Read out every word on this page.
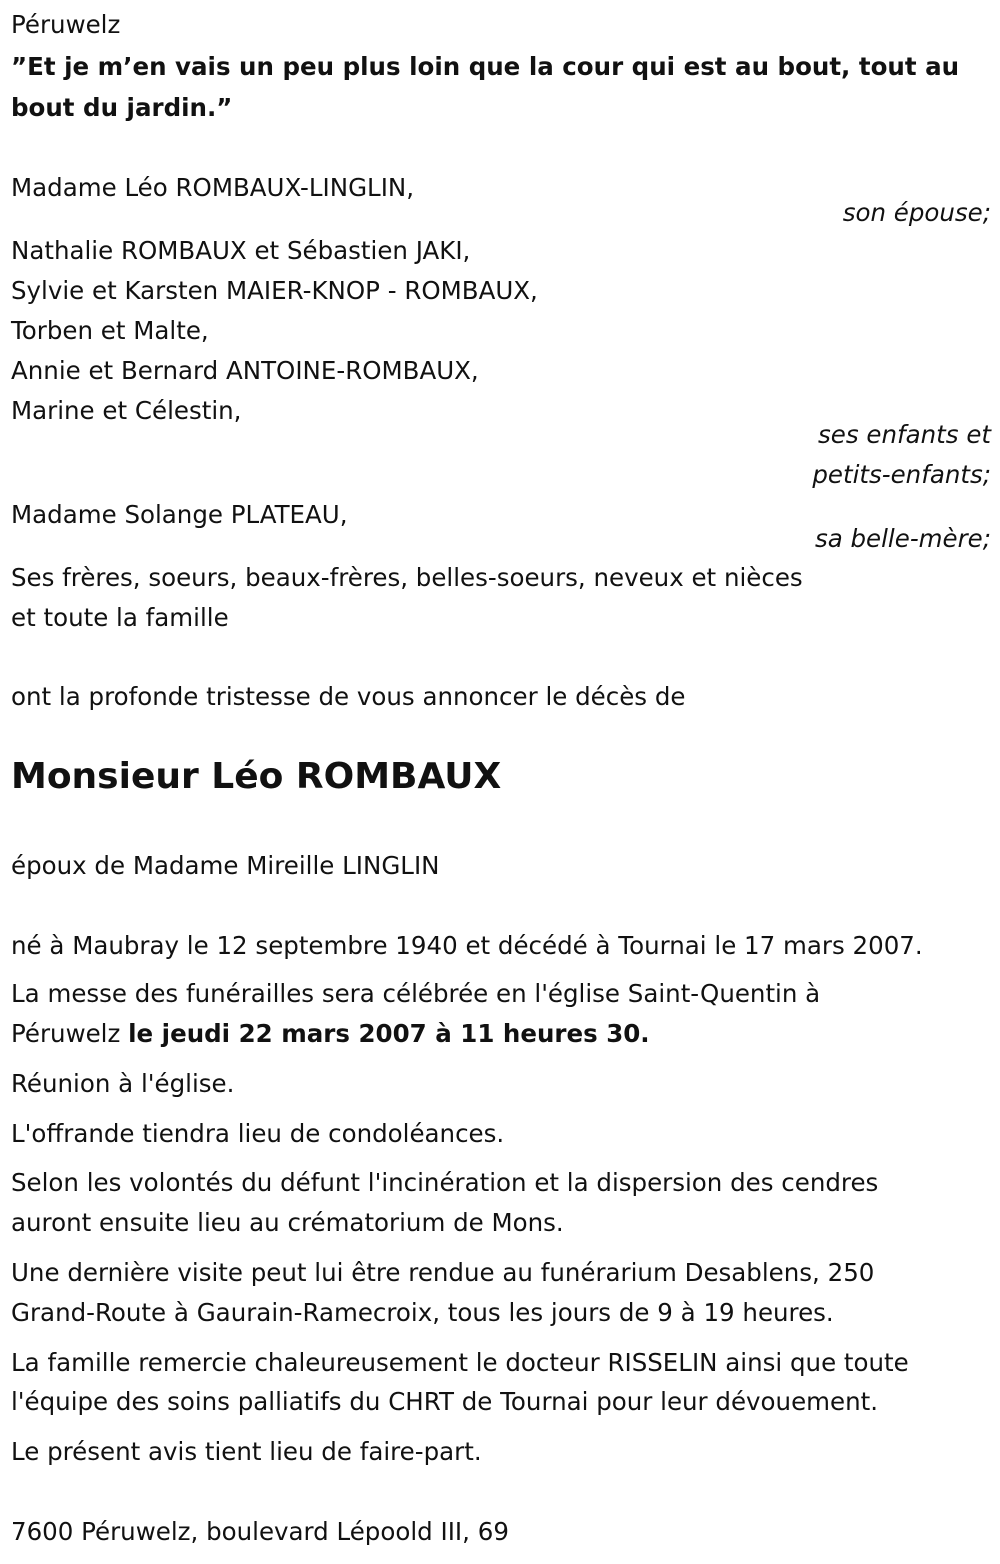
Péruwelz

”Et je m’en vais un peu plus loin que la cour qui est au bout, tout au bout du jardin.”

Madame Léo ROMBAUX-LINGLIN,
son épouse;
Nathalie ROMBAUX et Sébastien JAKI,
Sylvie et Karsten MAIER-KNOP - ROMBAUX,
Torben et Malte,
Annie et Bernard ANTOINE-ROMBAUX,
Marine et Célestin,
ses enfants et
petits-enfants;
Madame Solange PLATEAU,
sa belle-mère;
Ses frères, soeurs, beaux-frères, belles-soeurs, neveux et nièces
et toute la famille
ont la profonde tristesse de vous annoncer le décès de
Monsieur Léo ROMBAUX
époux de Madame Mireille LINGLIN
né à Maubray le 12 septembre 1940 et décédé à Tournai le 17 mars 2007.
La messe des funérailles sera célébrée en l'église Saint-Quentin à
Péruwelz le jeudi 22 mars 2007 à 11 heures 30.
Réunion à l'église.
L'offrande tiendra lieu de condoléances.
Selon les volontés du défunt l'incinération et la dispersion des cendres
auront ensuite lieu au crématorium de Mons.
Une dernière visite peut lui être rendue au funérarium Desablens, 250
Grand-Route à Gaurain-Ramecroix, tous les jours de 9 à 19 heures.
La famille remercie chaleureusement le docteur RISSELIN ainsi que toute
l'équipe des soins palliatifs du CHRT de Tournai pour leur dévouement.
Le présent avis tient lieu de faire-part.
7600 Péruwelz, boulevard Lépoold III, 69
